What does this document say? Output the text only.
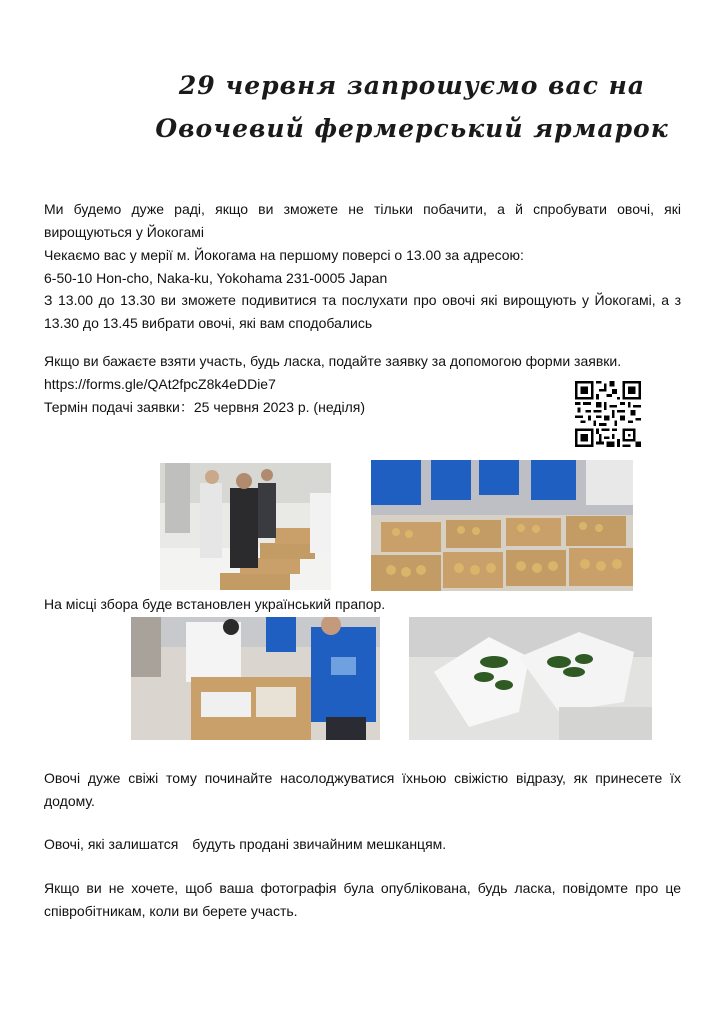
29 червня запрошуємо вас на
Овочевий фермерський ярмарок
Ми будемо дуже раді, якщо ви зможете не тільки побачити, а й спробувати овочі, які вирощуються у Йокогамі
Чекаємо вас у мерії м. Йокогама на першому поверсі о 13.00 за адресою:
6-50-10 Hon-cho, Naka-ku, Yokohama 231-0005 Japan
З 13.00 до 13.30 ви зможете подивитися та послухати про овочі які вирощують у Йокогамі, а з 13.30 до 13.45 вибрати овочі, які вам сподобались
Якщо ви бажаєте взяти участь, будь ласка, подайте заявку за допомогою форми заявки.
https://forms.gle/QAt2fpcZ8k4eDDie7
Термін подачі заявки：25 червня 2023 р. (неділя)
На місці збора буде встановлен український прапор.
Овочі дуже свіжі тому починайте насолоджуватися їхньою свіжістю відразу, як принесете їх додому.
Овочі, які залишатся　будуть продані звичайним мешканцям.
Якщо ви не хочете, щоб ваша фотографія була опублікована, будь ласка, повідомте про це співробітникам, коли ви берете участь.
